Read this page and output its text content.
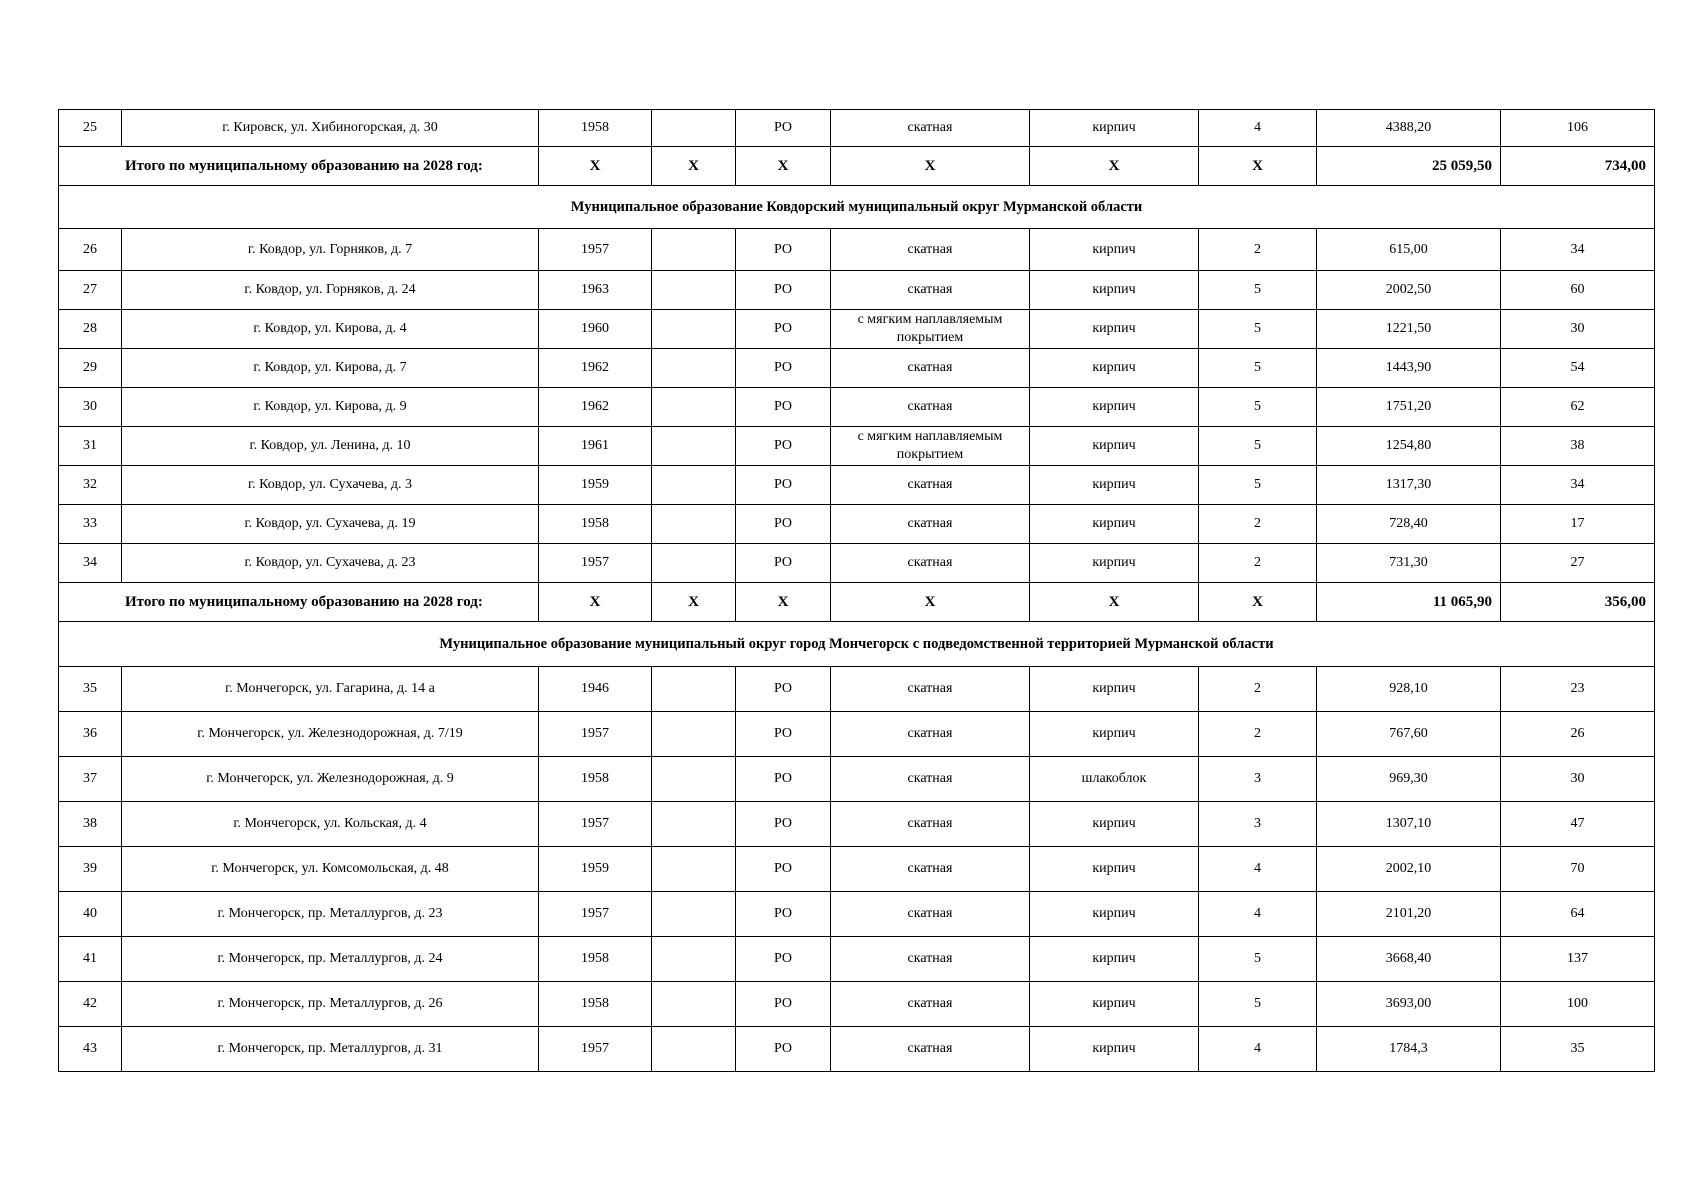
25	г. Кировск, ул. Хибиногорская, д. 30	1958		РО	скатная	кирпич	4	4388,20	106
Итого по муниципальному образованию на 2028 год:		Х	Х	Х	Х	Х	Х	25 059,50	734,00
Муниципальное образование Ковдорский муниципальный округ Мурманской области									
26	г. Ковдор, ул. Горняков, д. 7	1957		РО	скатная	кирпич	2	615,00	34
27	г. Ковдор, ул. Горняков, д. 24	1963		РО	скатная	кирпич	5	2002,50	60
28	г. Ковдор, ул. Кирова, д. 4	1960		РО	с мягким наплавляемым покрытием	кирпич	5	1221,50	30
29	г. Ковдор, ул. Кирова, д. 7	1962		РО	скатная	кирпич	5	1443,90	54
30	г. Ковдор, ул. Кирова, д. 9	1962		РО	скатная	кирпич	5	1751,20	62
31	г. Ковдор, ул. Ленина, д. 10	1961		РО	с мягким наплавляемым покрытием	кирпич	5	1254,80	38
32	г. Ковдор, ул. Сухачева, д. 3	1959		РО	скатная	кирпич	5	1317,30	34
33	г. Ковдор, ул. Сухачева, д. 19	1958		РО	скатная	кирпич	2	728,40	17
34	г. Ковдор, ул. Сухачева, д. 23	1957		РО	скатная	кирпич	2	731,30	27
Итого по муниципальному образованию на 2028 год:		Х	Х	Х	Х	Х	Х	11 065,90	356,00
Муниципальное образование муниципальный округ город Мончегорск с подведомственной территорией Мурманской области									
35	г. Мончегорск, ул. Гагарина, д. 14 а	1946		РО	скатная	кирпич	2	928,10	23
36	г. Мончегорск, ул. Железнодорожная, д. 7/19	1957		РО	скатная	кирпич	2	767,60	26
37	г. Мончегорск, ул. Железнодорожная, д. 9	1958		РО	скатная	шлакоблок	3	969,30	30
38	г. Мончегорск, ул. Кольская, д. 4	1957		РО	скатная	кирпич	3	1307,10	47
39	г. Мончегорск, ул. Комсомольская, д. 48	1959		РО	скатная	кирпич	4	2002,10	70
40	г. Мончегорск, пр. Металлургов, д. 23	1957		РО	скатная	кирпич	4	2101,20	64
41	г. Мончегорск, пр. Металлургов, д. 24	1958		РО	скатная	кирпич	5	3668,40	137
42	г. Мончегорск, пр. Металлургов, д. 26	1958		РО	скатная	кирпич	5	3693,00	100
43	г. Мончегорск, пр. Металлургов, д. 31	1957		РО	скатная	кирпич	4	1784,3	35
